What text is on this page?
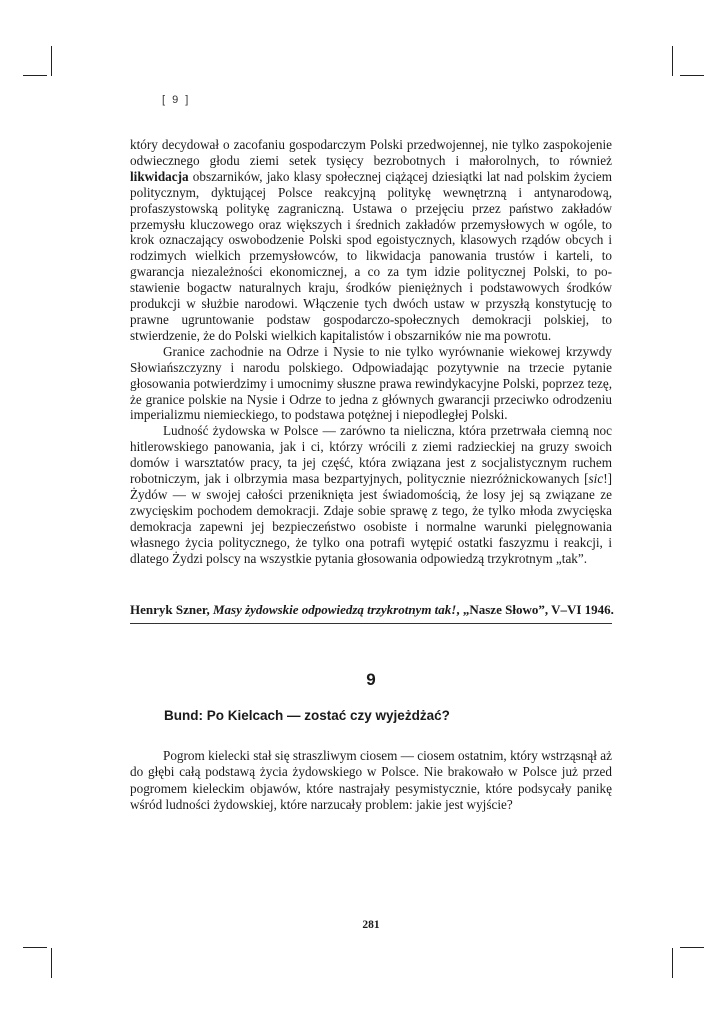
[ 9 ]

który decydował o zacofaniu gospodarczym Polski przedwojennej, nie tylko zaspokojenie odwiecznego głodu ziemi setek tysięcy bezrobotnych i małorolnych, to również likwidacja obszarników, jako klasy społecznej ciążącej dziesiątki lat nad polskim życiem politycznym, dyktującej Polsce reakcyjną politykę wewnętrzną i antynarodową, profaszystowską politykę zagraniczną. Ustawa o przejęciu przez państwo zakładów przemysłu kluczowego oraz większych i średnich zakładów przemysłowych w ogóle, to krok oznaczający oswobodzenie Polski spod egoistycznych, klasowych rządów obcych i rodzimych wielkich przemysłowców, to likwidacja panowania trustów i karteli, to gwarancja niezależności ekonomicznej, a co za tym idzie politycznej Polski, to postawienie bogactw naturalnych kraju, środków pieniężnych i podstawowych środków produkcji w służbie narodowi. Włączenie tych dwóch ustaw w przyszłą konstytucję to prawne ugruntowanie podstaw gospodarczo-społecznych demokracji polskiej, to stwierdzenie, że do Polski wielkich kapitalistów i obszarników nie ma powrotu.

Granice zachodnie na Odrze i Nysie to nie tylko wyrównanie wiekowej krzywdy Słowiańszczyzny i narodu polskiego. Odpowiadając pozytywnie na trzecie pytanie głosowania potwierdzimy i umocnimy słuszne prawa rewindykacyjne Polski, poprzez tezę, że granice polskie na Nysie i Odrze to jedna z głównych gwarancji przeciwko odrodzeniu imperializmu niemieckiego, to podstawa potężnej i niepodległej Polski.

Ludność żydowska w Polsce — zarówno ta nieliczna, która przetrwała ciemną noc hitlerowskiego panowania, jak i ci, którzy wrócili z ziemi radzieckiej na gruzy swoich domów i warsztatów pracy, ta jej część, która związana jest z socjalistycznym ruchem robotniczym, jak i olbrzymia masa bezpartyjnych, politycznie niezróżnickowanych [sic!] Żydów — w swojej całości przeniknięta jest świadomością, że losy jej są związane ze zwycięskim pochodem demokracji. Zdaje sobie sprawę z tego, że tylko młoda zwycięska demokracja zapewni jej bezpieczeństwo osobiste i normalne warunki pielęgnowania własnego życia politycznego, że tylko ona potrafi wytępić ostatki faszyzmu i reakcji, i dlatego Żydzi polscy na wszystkie pytania głosowania odpowiedzą trzykrotnym „tak”.

Henryk Szner, Masy żydowskie odpowiedzą trzykrotnym tak!, „Nasze Słowo”, V–VI 1946.
9
Bund: Po Kielcach — zostać czy wyjeżdżać?
Pogrom kielecki stał się straszliwym ciosem — ciosem ostatnim, który wstrząsnął aż do głębi całą podstawą życia żydowskiego w Polsce. Nie brakowało w Polsce już przed pogromem kieleckim objawów, które nastrajały pesymistycznie, które podsycały panikę wśród ludności żydowskiej, które narzucały problem: jakie jest wyjście?
281
